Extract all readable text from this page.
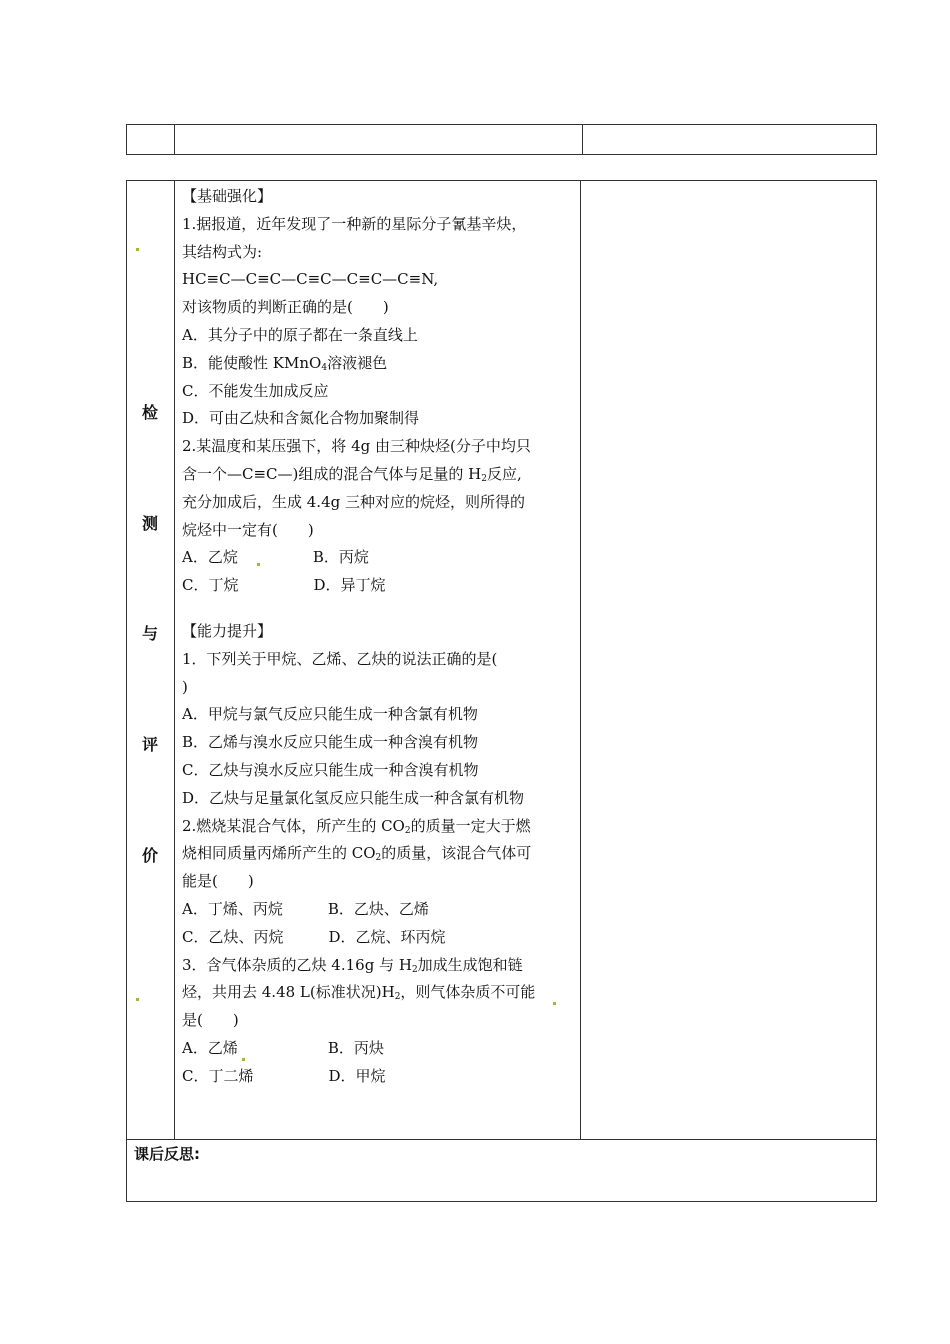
检
测
与
评
价

【基础强化】

1.据报道，近年发现了一种新的星际分子氰基辛炔，

其结构式为:

HC≡C—C≡C—C≡C—C≡C—C≡N,

对该物质的判断正确的是(　　)

A．其分子中的原子都在一条直线上

B．能使酸性 KMnO$_4$溶液褪色

C．不能发生加成反应

D．可由乙炔和含氮化合物加聚制得

2.某温度和某压强下，将 4g 由三种炔烃(分子中均只

含一个—C≡C—)组成的混合气体与足量的 $H_2$反应,

充分加成后，生成 4.4g 三种对应的烷烃，则所得的

烷烃中一定有(　　)

A．乙烷　　　　　B．丙烷

C．丁烷　　　　　D．异丁烷

【能力提升】

1．下列关于甲烷、乙烯、乙炔的说法正确的是(

)

A．甲烷与氯气反应只能生成一种含氯有机物

B．乙烯与溴水反应只能生成一种含溴有机物

C．乙炔与溴水反应只能生成一种含溴有机物

D．乙炔与足量氯化氢反应只能生成一种含氯有机物

2.燃烧某混合气体，所产生的 $CO_2$的质量一定大于燃

烧相同质量丙烯所产生的 $CO_2$的质量，该混合气体可

能是(　　)

A．丁烯、丙烷　　　B．乙炔、乙烯

C．乙炔、丙烷　　　D．乙烷、环丙烷

3．含气体杂质的乙炔 4.16g 与 $H_2$加成生成饱和链

烃，共用去 4.48 L(标准状况)$H_2$，则气体杂质不可能

是(　　)

A．乙烯　　　　　　B．丙炔

C．丁二烯　　　　　D．甲烷

课后反思:
